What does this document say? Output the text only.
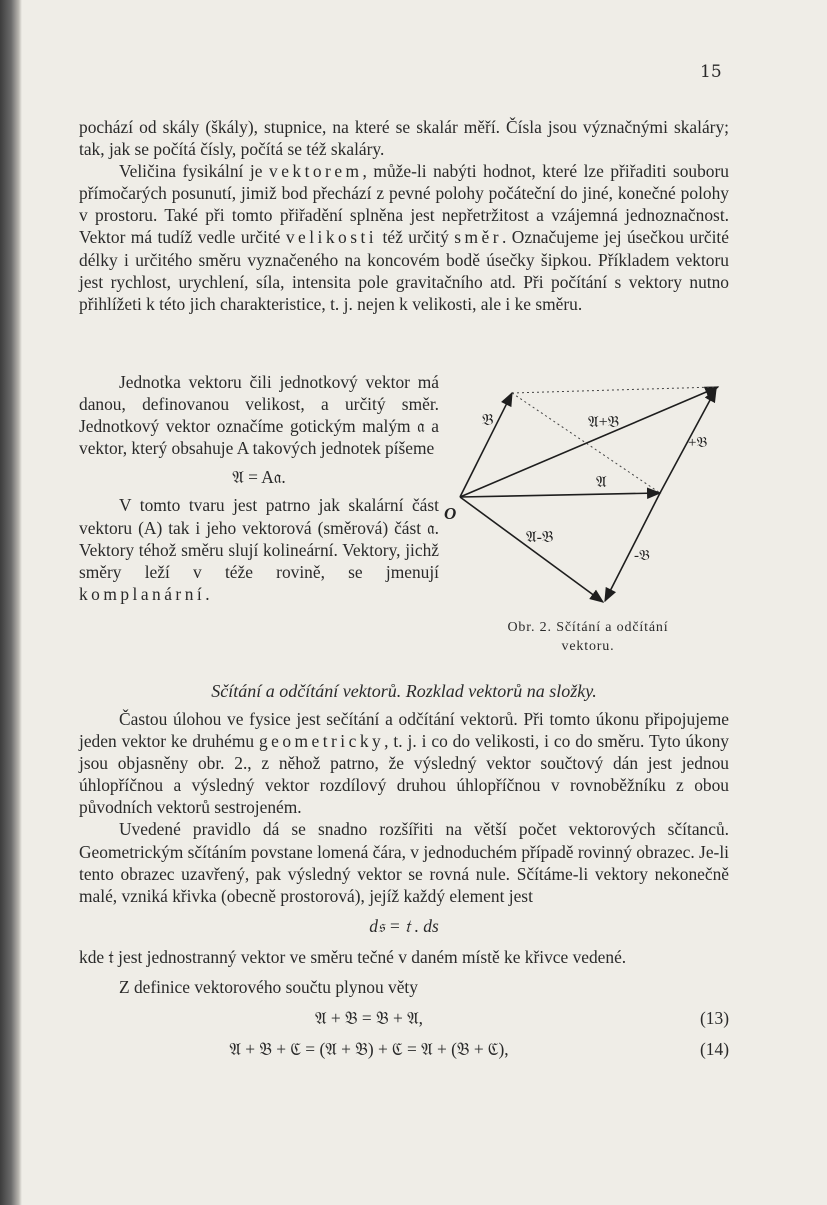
15

pochází od skály (škály), stupnice, na které se skalár měří. Čísla jsou význačnými skaláry; tak, jak se počítá čísly, počítá se též skaláry.

Veličina fysikální je vektorem, může-li nabýti hodnot, které lze přiřaditi souboru přímočarých posunutí, jimiž bod přechází z pevné polohy počáteční do jiné, konečné polohy v prostoru. Také při tomto přiřadění splněna jest nepřetržitost a vzájemná jednoznačnost. Vektor má tudíž vedle určité velikosti též určitý směr. Označujeme jej úsečkou určité délky i určitého směru vyznačeného na koncovém bodě úsečky šipkou. Příkladem vektoru jest rychlost, urychlení, síla, intensita pole gravitačního atd. Při počítání s vektory nutno přihlížeti k této jich charakteristice, t. j. nejen k velikosti, ale i ke směru.

Jednotka vektoru čili jednotkový vektor má danou, definovanou velikost, a určitý směr. Jednotkový vektor označíme gotickým malým 𝔞 a vektor, který obsahuje A takových jednotek píšeme

𝔄 = A𝔞.

V tomto tvaru jest patrno jak skalární část vektoru (A) tak i jeho vektorová (směrová) část 𝔞. Vektory téhož směru slují kolineární. Vektory, jichž směry leží v téže rovině, se jmenují komplanární.

O
𝔅	𝔄+𝔅
+𝔅
𝔄
𝔄-𝔅
-𝔅
Obr. 2. Sčítání a odčítání
vektoru.
Sčítání a odčítání vektorů. Rozklad vektorů na složky.

Častou úlohou ve fysice jest sečítání a odčítání vektorů. Při tomto úkonu připojujeme jeden vektor ke druhému geometricky, t. j. i co do velikosti, i co do směru. Tyto úkony jsou objasněny obr. 2., z něhož patrno, že výsledný vektor součtový dán jest jednou úhlopříčnou a výsledný vektor rozdílový druhou úhlopříčnou v rovnoběžníku z obou původních vektorů sestrojeném.

Uvedené pravidlo dá se snadno rozšířiti na větší počet vektorových sčítanců. Geometrickým sčítáním povstane lomená čára, v jednoduchém případě rovinný obrazec. Je-li tento obrazec uzavřený, pak výsledný vektor se rovná nule. Sčítáme-li vektory nekonečně malé, vzniká křivka (obecně prostorová), jejíž každý element jest

d𝔰 = 𝔱 . ds

kde 𝔱 jest jednostranný vektor ve směru tečné v daném místě ke křivce vedené.

Z definice vektorového součtu plynou věty

𝔄 + 𝔅 = 𝔅 + 𝔄,	(13)
𝔄 + 𝔅 + ℭ = (𝔄 + 𝔅) + ℭ = 𝔄 + (𝔅 + ℭ),	(14)
